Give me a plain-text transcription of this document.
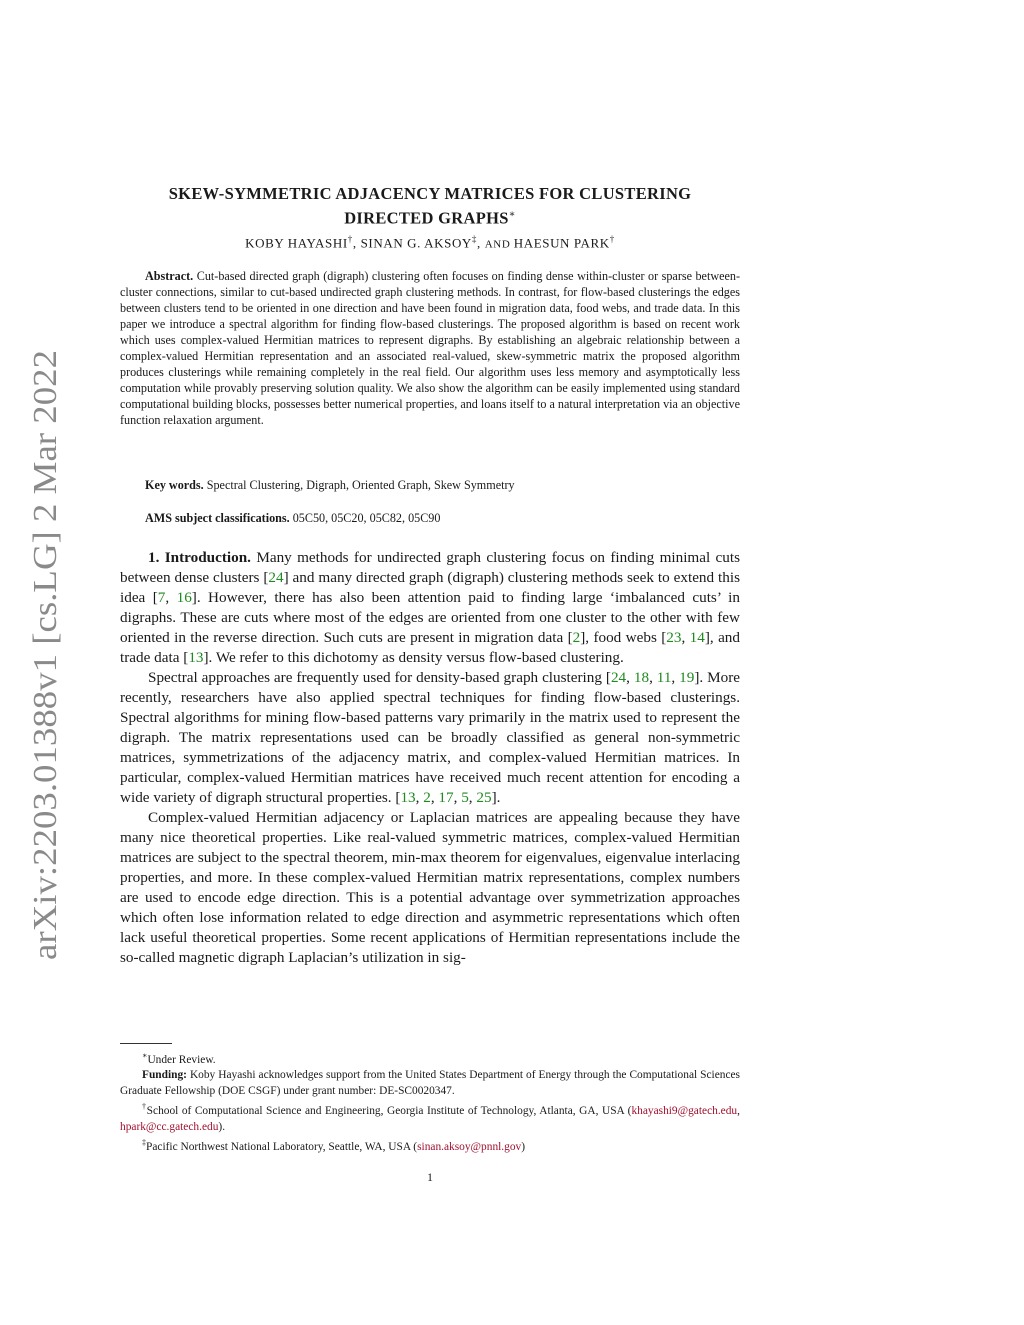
arXiv:2203.01388v1 [cs.LG] 2 Mar 2022
SKEW-SYMMETRIC ADJACENCY MATRICES FOR CLUSTERING
DIRECTED GRAPHS∗
KOBY HAYASHI†, SINAN G. AKSOY‡, AND HAESUN PARK†

Abstract. Cut-based directed graph (digraph) clustering often focuses on finding dense within-cluster or sparse between-cluster connections, similar to cut-based undirected graph clustering methods. In contrast, for flow-based clusterings the edges between clusters tend to be oriented in one direction and have been found in migration data, food webs, and trade data. In this paper we introduce a spectral algorithm for finding flow-based clusterings. The proposed algorithm is based on recent work which uses complex-valued Hermitian matrices to represent digraphs. By establishing an algebraic relationship between a complex-valued Hermitian representation and an associated real-valued, skew-symmetric matrix the proposed algorithm produces clusterings while remaining completely in the real field. Our algorithm uses less memory and asymptotically less computation while provably preserving solution quality. We also show the algorithm can be easily implemented using standard computational building blocks, possesses better numerical properties, and loans itself to a natural interpretation via an objective function relaxation argument.

Key words. Spectral Clustering, Digraph, Oriented Graph, Skew Symmetry
AMS subject classifications. 05C50, 05C20, 05C82, 05C90

1. Introduction. Many methods for undirected graph clustering focus on finding minimal cuts between dense clusters [24] and many directed graph (digraph) clustering methods seek to extend this idea [7, 16]. However, there has also been attention paid to finding large ‘imbalanced cuts’ in digraphs. These are cuts where most of the edges are oriented from one cluster to the other with few oriented in the reverse direction. Such cuts are present in migration data [2], food webs [23, 14], and trade data [13]. We refer to this dichotomy as density versus flow-based clustering.

Spectral approaches are frequently used for density-based graph clustering [24, 18, 11, 19]. More recently, researchers have also applied spectral techniques for finding flow-based clusterings. Spectral algorithms for mining flow-based patterns vary primarily in the matrix used to represent the digraph. The matrix representations used can be broadly classified as general non-symmetric matrices, symmetrizations of the adjacency matrix, and complex-valued Hermitian matrices. In particular, complex-valued Hermitian matrices have received much recent attention for encoding a wide variety of digraph structural properties. [13, 2, 17, 5, 25].

Complex-valued Hermitian adjacency or Laplacian matrices are appealing because they have many nice theoretical properties. Like real-valued symmetric matrices, complex-valued Hermitian matrices are subject to the spectral theorem, min-max theorem for eigenvalues, eigenvalue interlacing properties, and more. In these complex-valued Hermitian matrix representations, complex numbers are used to encode edge direction. This is a potential advantage over symmetrization approaches which often lose information related to edge direction and asymmetric representations which often lack useful theoretical properties. Some recent applications of Hermitian representations include the so-called magnetic digraph Laplacian’s utilization in sig-

∗Under Review.

Funding: Koby Hayashi acknowledges support from the United States Department of Energy through the Computational Sciences Graduate Fellowship (DOE CSGF) under grant number: DE-SC0020347.

†School of Computational Science and Engineering, Georgia Institute of Technology, Atlanta, GA, USA (khayashi9@gatech.edu, hpark@cc.gatech.edu).

‡Pacific Northwest National Laboratory, Seattle, WA, USA (sinan.aksoy@pnnl.gov)

1
